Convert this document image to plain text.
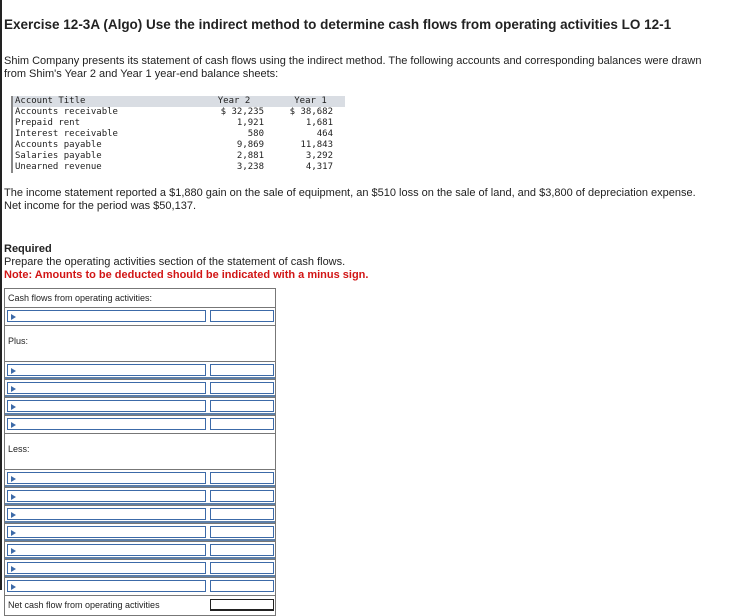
Exercise 12-3A (Algo) Use the indirect method to determine cash flows from operating activities LO 12-1
Shim Company presents its statement of cash flows using the indirect method. The following accounts and corresponding balances were drawn from Shim's Year 2 and Year 1 year-end balance sheets:
Account Title	Year 2	Year 1
Accounts receivable	$ 32,235	$ 38,682
Prepaid rent	1,921	1,681
Interest receivable	580	464
Accounts payable	9,869	11,843
Salaries payable	2,881	3,292
Unearned revenue	3,238	4,317
The income statement reported a $1,880 gain on the sale of equipment, an $510 loss on the sale of land, and $3,800 of depreciation expense. Net income for the period was $50,137.
Required
Prepare the operating activities section of the statement of cash flows.
Note: Amounts to be deducted should be indicated with a minus sign.
Cash flows from operating activities:
Plus:
Less:
Net cash flow from operating activities
